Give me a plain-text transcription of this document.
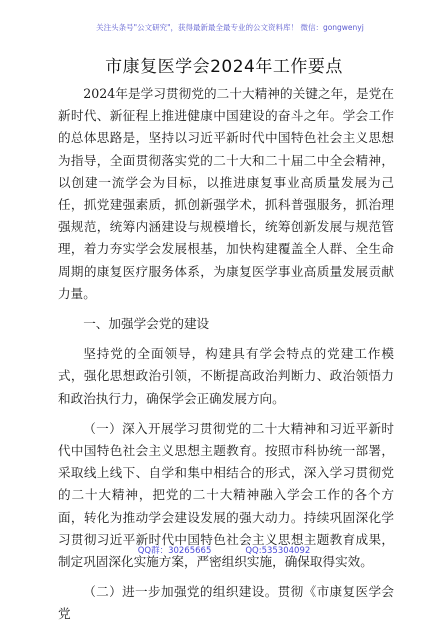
关注头条号"公文研究"，获得最新最全最专业的公文资料库！ 微信：gongwenyj
市康复医学会2024年工作要点

2024年是学习贯彻党的二十大精神的关键之年，是党在新时代、新征程上推进健康中国建设的奋斗之年。学会工作的总体思路是，坚持以习近平新时代中国特色社会主义思想为指导，全面贯彻落实党的二十大和二十届二中全会精神，以创建一流学会为目标，以推进康复事业高质量发展为己任，抓党建强素质，抓创新强学术，抓科普强服务，抓治理强规范，统筹内涵建设与规模增长，统筹创新发展与规范管理，着力夯实学会发展根基，加快构建覆盖全人群、全生命周期的康复医疗服务体系，为康复医学事业高质量发展贡献力量。

一、加强学会党的建设

坚持党的全面领导，构建具有学会特点的党建工作模式，强化思想政治引领，不断提高政治判断力、政治领悟力和政治执行力，确保学会正确发展方向。

（一）深入开展学习贯彻党的二十大精神和习近平新时代中国特色社会主义思想主题教育。按照市科协统一部署，采取线上线下、自学和集中相结合的形式，深入学习贯彻党的二十大精神，把党的二十大精神融入学会工作的各个方面，转化为推动学会建设发展的强大动力。持续巩固深化学习贯彻习近平新时代中国特色社会主义思想主题教育成果，制定巩固深化实施方案，严密组织实施，确保取得实效。

（二）进一步加强党的组织建设。贯彻《市康复医学会党

QQ群：30265665	QQ:535304092
